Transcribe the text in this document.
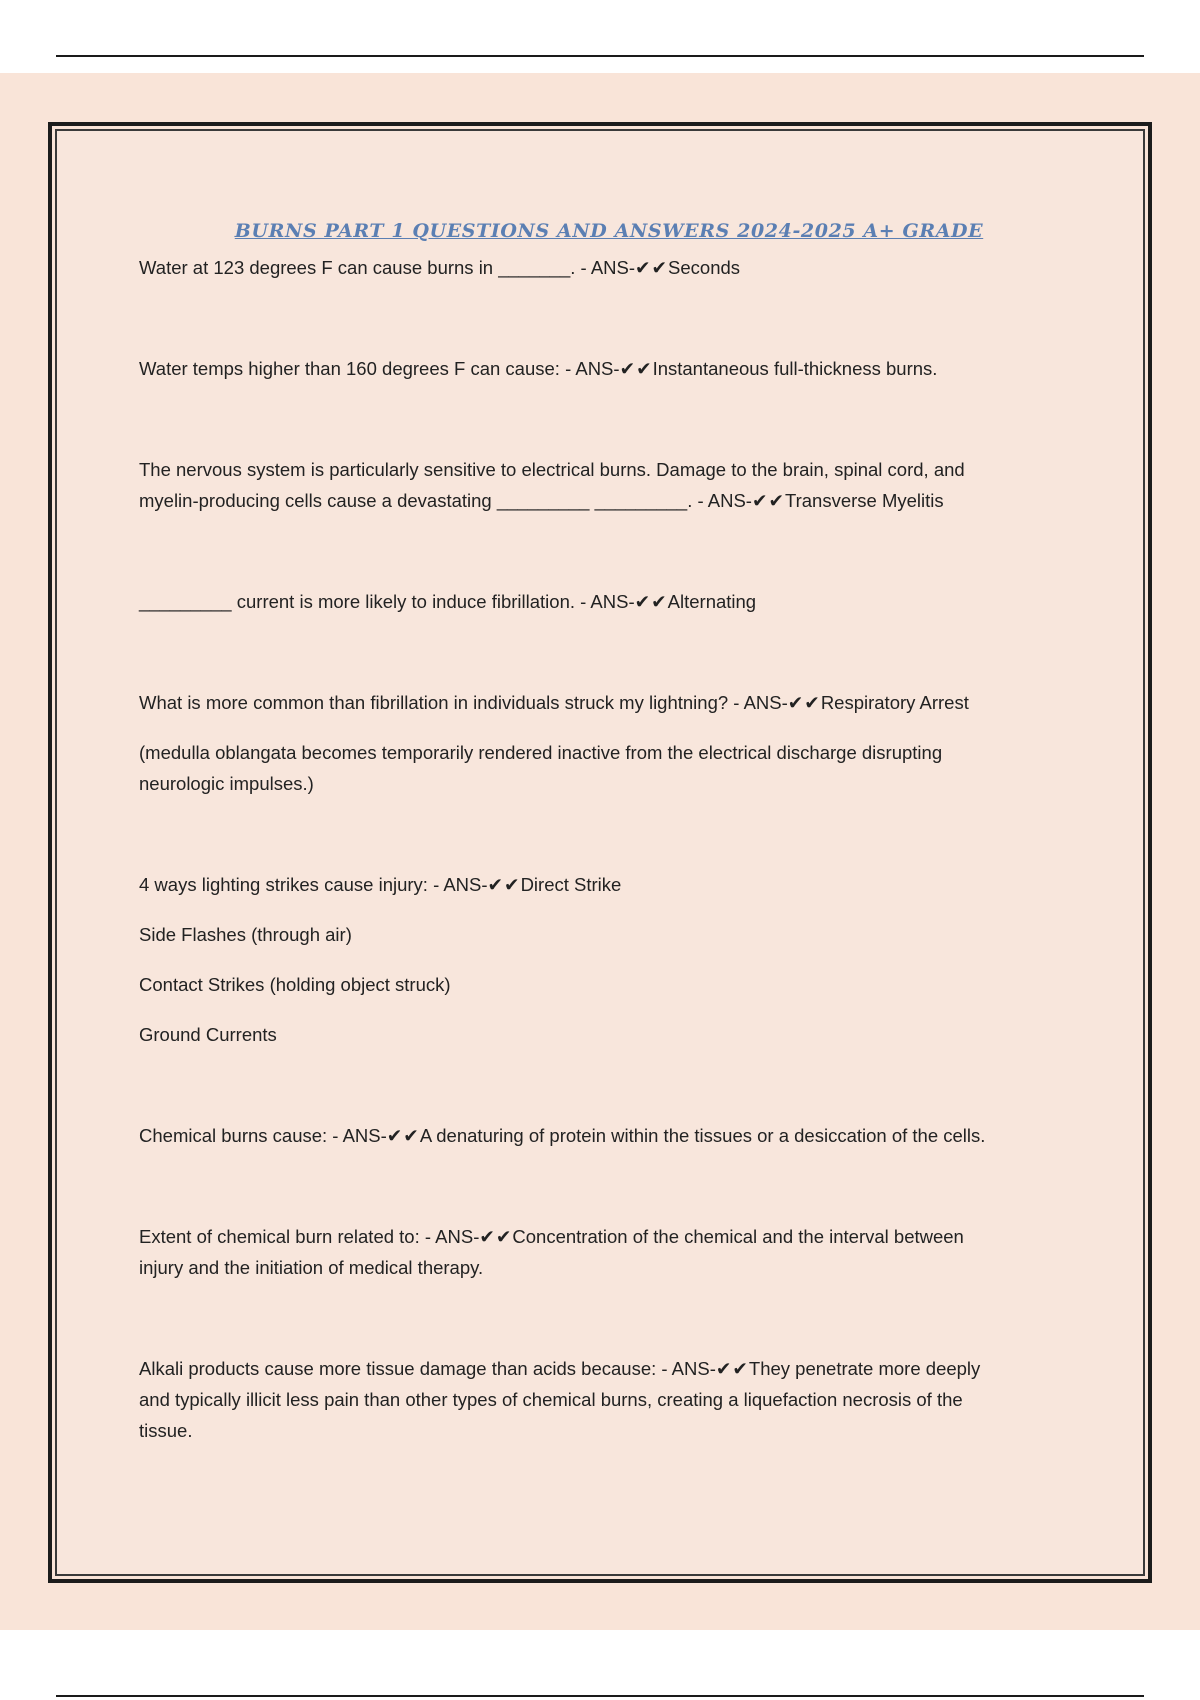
BURNS PART 1 QUESTIONS AND ANSWERS 2024-2025 A+ GRADE

Water at 123 degrees F can cause burns in _______. - ANS-✔✔Seconds

Water temps higher than 160 degrees F can cause: - ANS-✔✔Instantaneous full-thickness burns.

The nervous system is particularly sensitive to electrical burns. Damage to the brain, spinal cord, and

myelin-producing cells cause a devastating _________ _________. - ANS-✔✔Transverse Myelitis

_________ current is more likely to induce fibrillation. - ANS-✔✔Alternating

What is more common than fibrillation in individuals struck my lightning? - ANS-✔✔Respiratory Arrest

(medulla oblangata becomes temporarily rendered inactive from the electrical discharge disrupting

neurologic impulses.)

4 ways lighting strikes cause injury: - ANS-✔✔Direct Strike

Side Flashes (through air)

Contact Strikes (holding object struck)

Ground Currents

Chemical burns cause: - ANS-✔✔A denaturing of protein within the tissues or a desiccation of the cells.

Extent of chemical burn related to: - ANS-✔✔Concentration of the chemical and the interval between

injury and the initiation of medical therapy.

Alkali products cause more tissue damage than acids because: - ANS-✔✔They penetrate more deeply

and typically illicit less pain than other types of chemical burns, creating a liquefaction necrosis of the

tissue.
